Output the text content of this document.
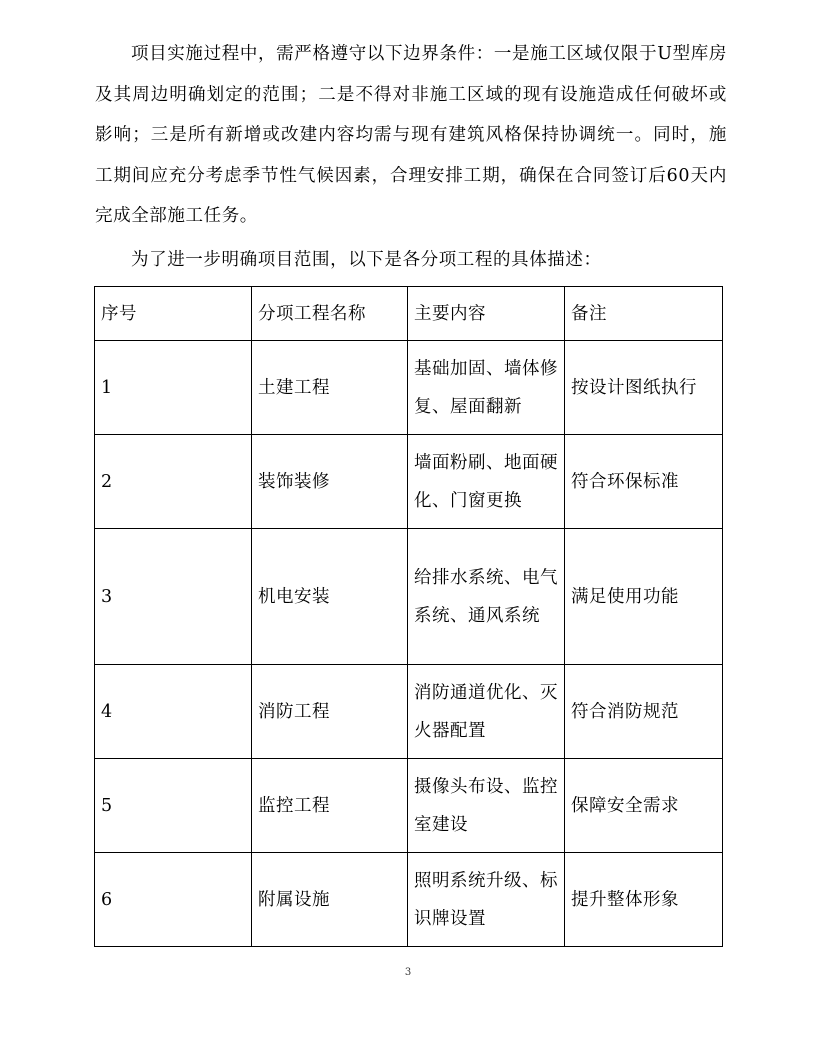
项目实施过程中，需严格遵守以下边界条件：一是施工区域仅限于U型库房及其周边明确划定的范围；二是不得对非施工区域的现有设施造成任何破坏或影响；三是所有新增或改建内容均需与现有建筑风格保持协调统一。同时，施工期间应充分考虑季节性气候因素，合理安排工期，确保在合同签订后60天内完成全部施工任务。

为了进一步明确项目范围，以下是各分项工程的具体描述：

序号	分项工程名称	主要内容	备注
1	土建工程	基础加固、墙体修复、屋面翻新	按设计图纸执行
2	装饰装修	墙面粉刷、地面硬化、门窗更换	符合环保标准
3	机电安装	给排水系统、电气系统、通风系统	满足使用功能
4	消防工程	消防通道优化、灭火器配置	符合消防规范
5	监控工程	摄像头布设、监控室建设	保障安全需求
6	附属设施	照明系统升级、标识牌设置	提升整体形象
3
